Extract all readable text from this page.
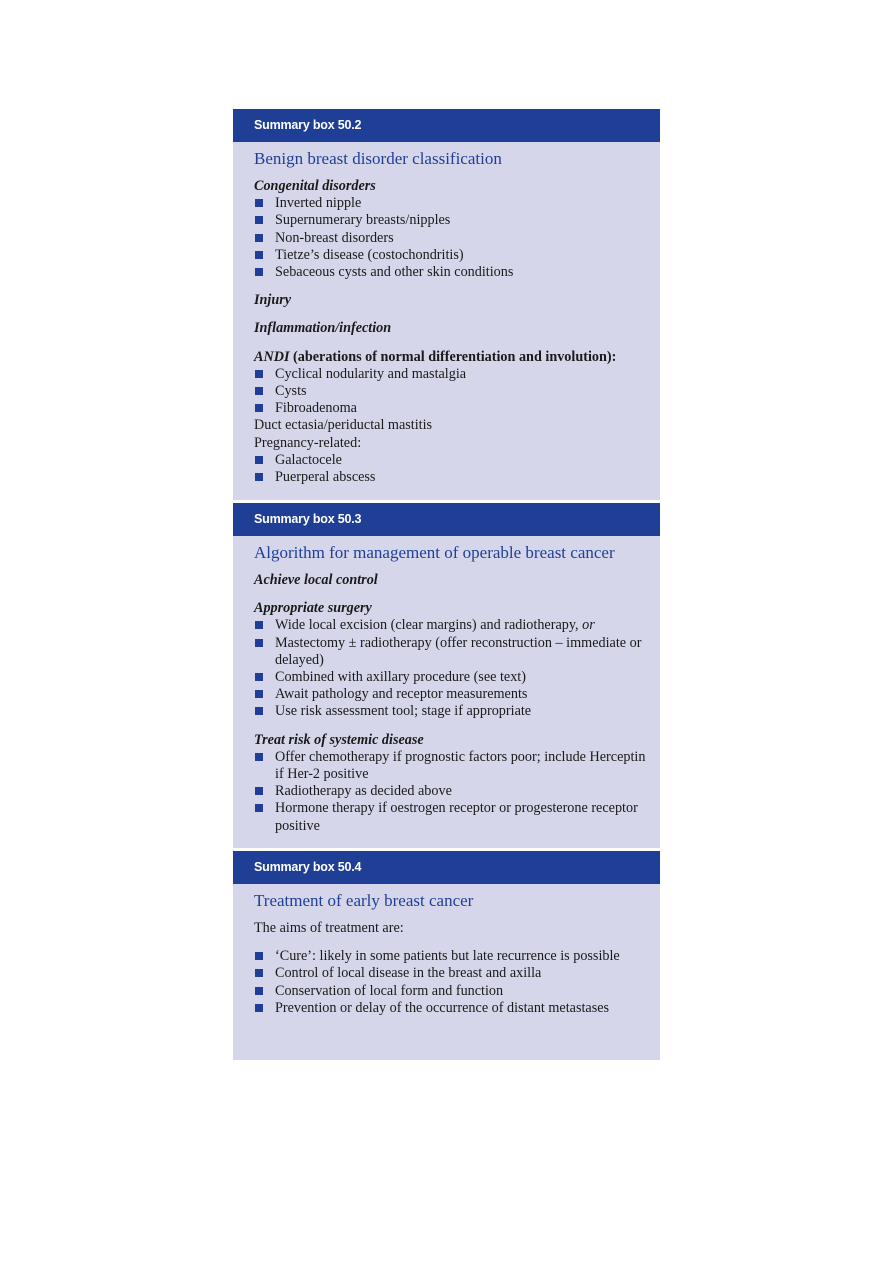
Summary box 50.2
Benign breast disorder classification

Congenital disorders

Inverted nipple
Supernumerary breasts/nipples
Non-breast disorders
Tietze’s disease (costochondritis)
Sebaceous cysts and other skin conditions

Injury

Inflammation/infection

ANDI (aberations of normal differentiation and involution):

Cyclical nodularity and mastalgia
Cysts
Fibroadenoma

Duct ectasia/periductal mastitis

Pregnancy-related:

Galactocele
Puerperal abscess
Summary box 50.3
Algorithm for management of operable breast cancer

Achieve local control

Appropriate surgery

Wide local excision (clear margins) and radiotherapy, or
Mastectomy ± radiotherapy (offer reconstruction – immediate or delayed)
Combined with axillary procedure (see text)
Await pathology and receptor measurements
Use risk assessment tool; stage if appropriate

Treat risk of systemic disease

Offer chemotherapy if prognostic factors poor; include Herceptin if Her-2 positive
Radiotherapy as decided above
Hormone therapy if oestrogen receptor or progesterone receptor positive
Summary box 50.4
Treatment of early breast cancer

The aims of treatment are:

‘Cure’: likely in some patients but late recurrence is possible
Control of local disease in the breast and axilla
Conservation of local form and function
Prevention or delay of the occurrence of distant metastases
